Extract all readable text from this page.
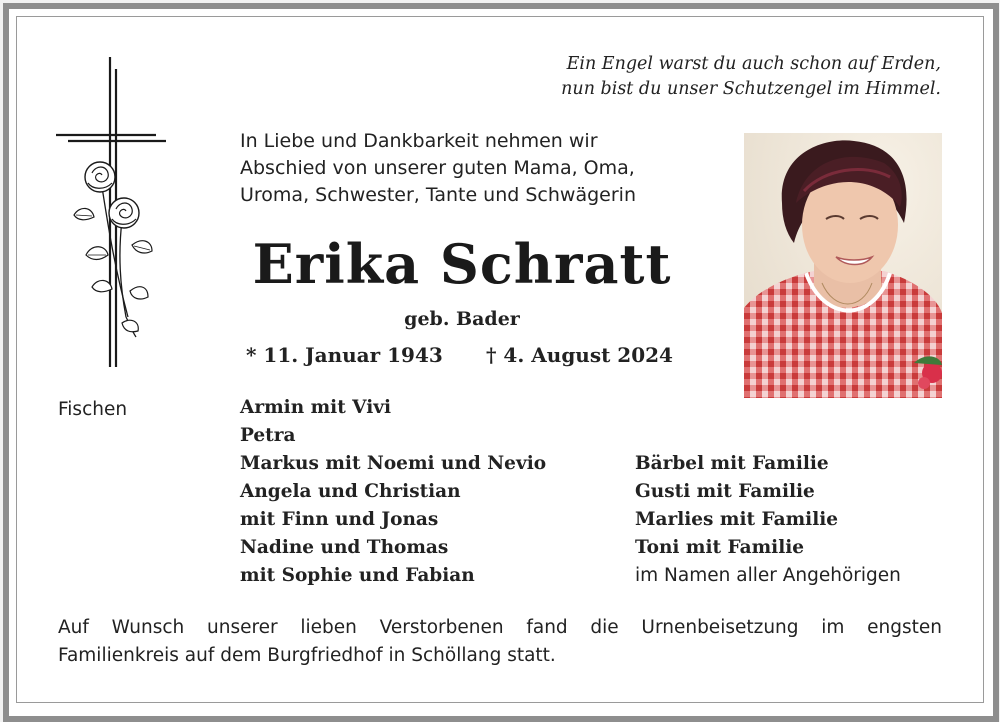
Ein Engel warst du auch schon auf Erden,
nun bist du unser Schutzengel im Himmel.
In Liebe und Dankbarkeit nehmen wir
Abschied von unserer guten Mama, Oma,
Uroma, Schwester, Tante und Schwägerin
Erika Schratt
geb. Bader
* 11. Januar 1943 † 4. August 2024
Fischen	Armin mit Vivi
Petra
Markus mit Noemi und Nevio
Angela und Christian
mit Finn und Jonas
Nadine und Thomas
mit Sophie und Fabian
Bärbel mit Familie
Gusti mit Familie
Marlies mit Familie
Toni mit Familie
im Namen aller Angehörigen
Auf Wunsch unserer lieben Verstorbenen fand die Urnenbeisetzung im engsten
Familienkreis auf dem Burgfriedhof in Schöllang statt.
